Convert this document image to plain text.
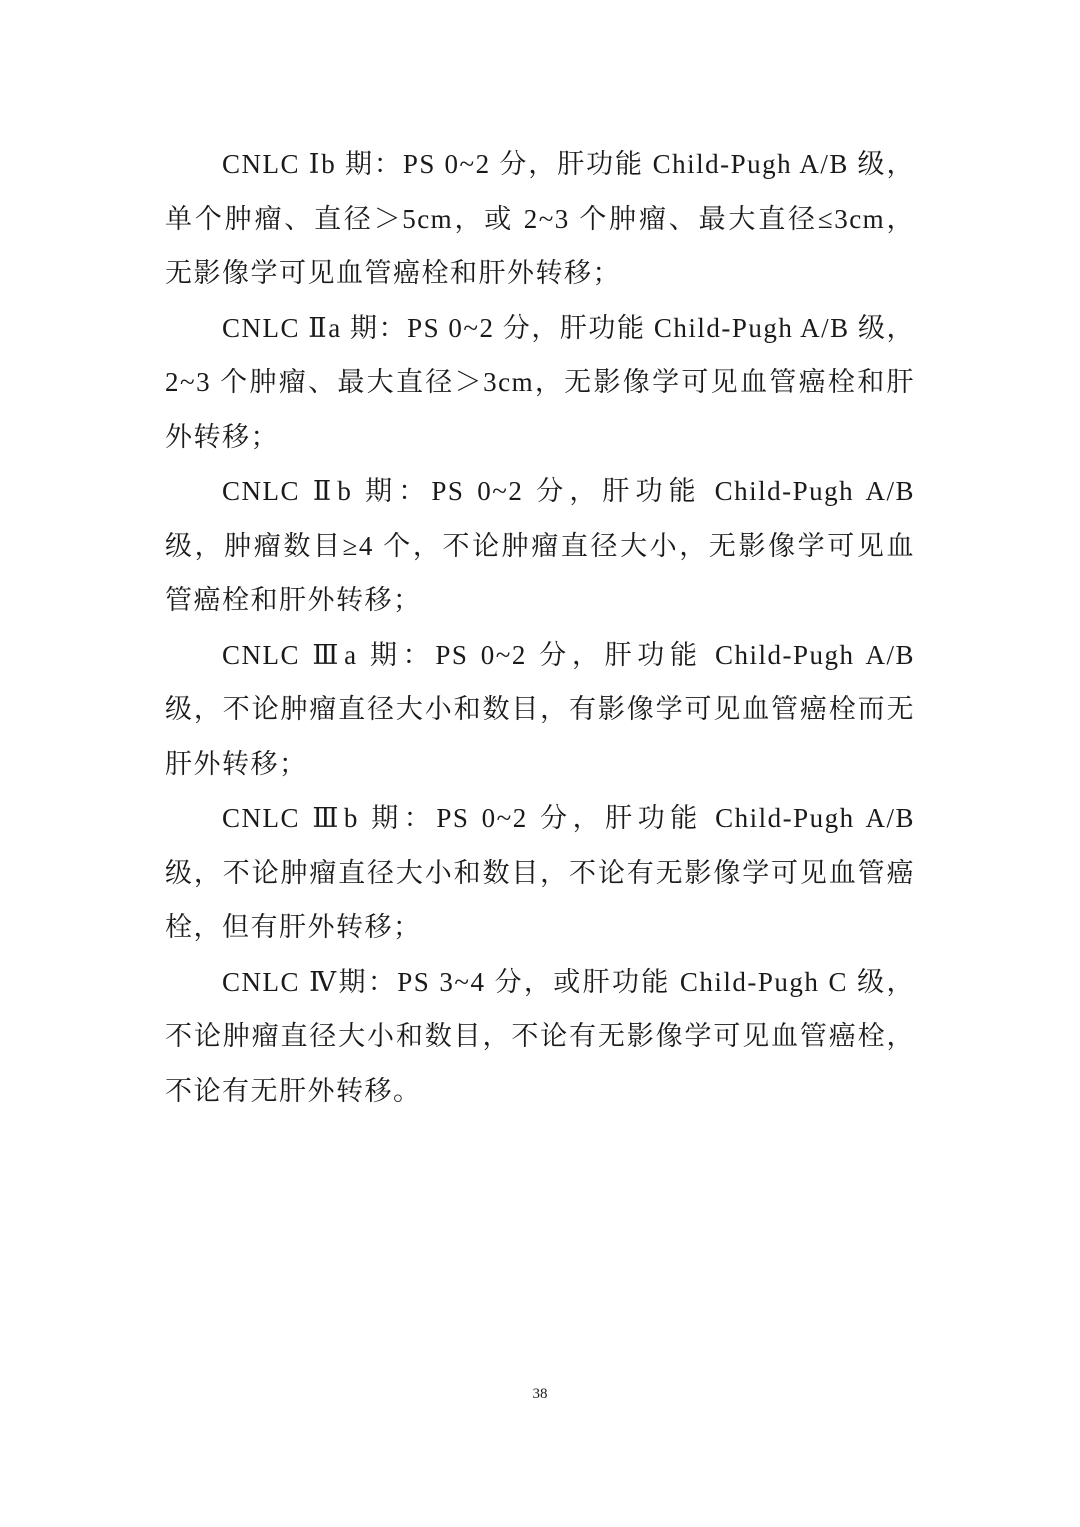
CNLC Ⅰb 期：PS 0~2 分，肝功能 Child-Pugh A/B 级，单个肿瘤、直径＞5cm，或 2~3 个肿瘤、最大直径≤3cm，无影像学可见血管癌栓和肝外转移；

CNLC Ⅱa 期：PS 0~2 分，肝功能 Child-Pugh A/B 级，2~3 个肿瘤、最大直径＞3cm，无影像学可见血管癌栓和肝外转移；

CNLC Ⅱb 期：PS 0~2 分，肝功能 Child-Pugh A/B 级，肿瘤数目≥4 个，不论肿瘤直径大小，无影像学可见血管癌栓和肝外转移；

CNLC Ⅲa 期：PS 0~2 分，肝功能 Child-Pugh A/B 级，不论肿瘤直径大小和数目，有影像学可见血管癌栓而无肝外转移；

CNLC Ⅲb 期：PS 0~2 分，肝功能 Child-Pugh A/B 级，不论肿瘤直径大小和数目，不论有无影像学可见血管癌栓，但有肝外转移；

CNLC Ⅳ期：PS 3~4 分，或肝功能 Child-Pugh C 级，不论肿瘤直径大小和数目，不论有无影像学可见血管癌栓，不论有无肝外转移。

38
